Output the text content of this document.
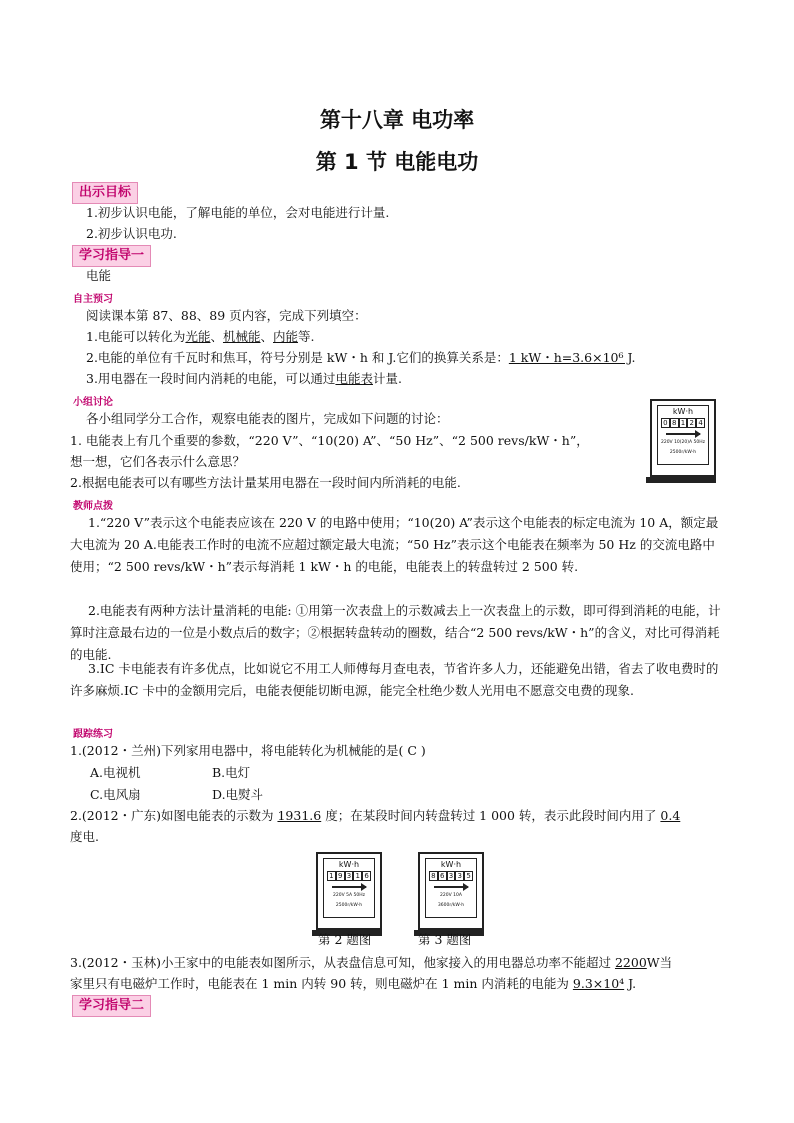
第十八章 电功率
第 1 节 电能电功
出示目标
1.初步认识电能，了解电能的单位，会对电能进行计量.
2.初步认识电功.
学习指导一
电能
自主预习
阅读课本第 87、88、89 页内容，完成下列填空：
1.电能可以转化为光能、机械能、内能等.
2.电能的单位有千瓦时和焦耳，符号分别是 kW・h 和 J.它们的换算关系是：1 kW・h=3.6×10⁶ J.
3.用电器在一段时间内消耗的电能，可以通过电能表计量.
小组讨论
各小组同学分工合作，观察电能表的图片，完成如下问题的讨论：
1. 电能表上有几个重要的参数，“220 V”、“10(20) A”、“50 Hz”、“2 500 revs/kW・h”，
想一想，它们各表示什么意思？
2.根据电能表可以有哪些方法计量某用电器在一段时间内所消耗的电能.
kW·h
0 8 1 2 4
220V 10(20)A 50Hz
2500r/kW·h
教师点拨
1.“220 V”表示这个电能表应该在 220 V 的电路中使用；“10(20) A”表示这个电能表的标定电流为 10 A，额定最大电流为 20 A.电能表工作时的电流不应超过额定最大电流；“50 Hz”表示这个电能表在频率为 50 Hz 的交流电路中使用；“2 500 revs/kW・h”表示每消耗 1 kW・h 的电能，电能表上的转盘转过 2 500 转.
2.电能表有两种方法计量消耗的电能: ①用第一次表盘上的示数减去上一次表盘上的示数，即可得到消耗的电能，计算时注意最右边的一位是小数点后的数字；②根据转盘转动的圈数，结合“2 500 revs/kW・h”的含义，对比可得消耗的电能.
3.IC 卡电能表有许多优点，比如说它不用工人师傅每月查电表，节省许多人力，还能避免出错，省去了收电费时的许多麻烦.IC 卡中的金额用完后，电能表便能切断电源，能完全杜绝少数人光用电不愿意交电费的现象.
跟踪练习
1.(2012・兰州)下列家用电器中，将电能转化为机械能的是( C )
A.电视机	B.电灯
C.电风扇	D.电熨斗
2.(2012・广东)如图电能表的示数为 1931.6 度；在某段时间内转盘转过 1 000 转，表示此段时间内用了 0.4
度电.
kW·h
1 9 3 1 6
220V 5A 50Hz
2500r/kW·h
kW·h
8 6 3 3 5
220V 10A
3600r/kW·h
第 2 题图	第 3 题图
3.(2012・玉林)小王家中的电能表如图所示，从表盘信息可知，他家接入的用电器总功率不能超过 2200W当
家里只有电磁炉工作时，电能表在 1 min 内转 90 转，则电磁炉在 1 min 内消耗的电能为 9.3×10⁴ J.
学习指导二
